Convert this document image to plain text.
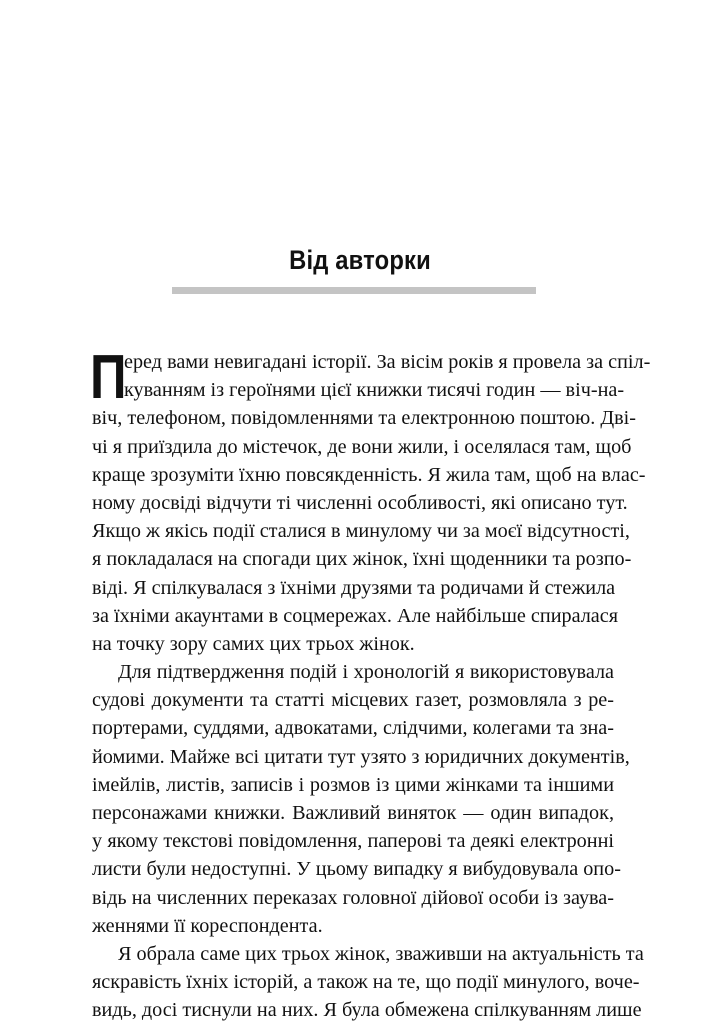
Від авторки
П
еред вами невигадані історії. За вісім років я провела за спіл-
куванням із героїнями цієї книжки тисячі годин — віч-на-
віч, телефоном, повідомленнями та електронною поштою. Дві-
чі я приїздила до містечок, де вони жили, і оселялася там, щоб
краще зрозуміти їхню повсякденність. Я жила там, щоб на влас-
ному досвіді відчути ті численні особливості, які описано тут.
Якщо ж якісь події сталися в минулому чи за моєї відсутності,
я покладалася на спогади цих жінок, їхні щоденники та розпо-
віді. Я спілкувалася з їхніми друзями та родичами й стежила
за їхніми акаунтами в соцмережах. Але найбільше спиралася
на точку зору самих цих трьох жінок.
Для підтвердження подій і хронологій я використовувала
судові документи та статті місцевих газет, розмовляла з ре-
портерами, суддями, адвокатами, слідчими, колегами та зна-
йомими. Майже всі цитати тут узято з юридичних документів,
імейлів, листів, записів і розмов із цими жінками та іншими
персонажами книжки. Важливий виняток — один випадок,
у якому текстові повідомлення, паперові та деякі електронні
листи були недоступні. У цьому випадку я вибудовувала опо-
відь на численних переказах головної дійової особи із заува-
женнями її кореспондента.
Я обрала саме цих трьох жінок, зваживши на актуальність та
яскравість їхніх історій, а також на те, що події минулого, воче-
видь, досі тиснули на них. Я була обмежена спілкуванням лише
